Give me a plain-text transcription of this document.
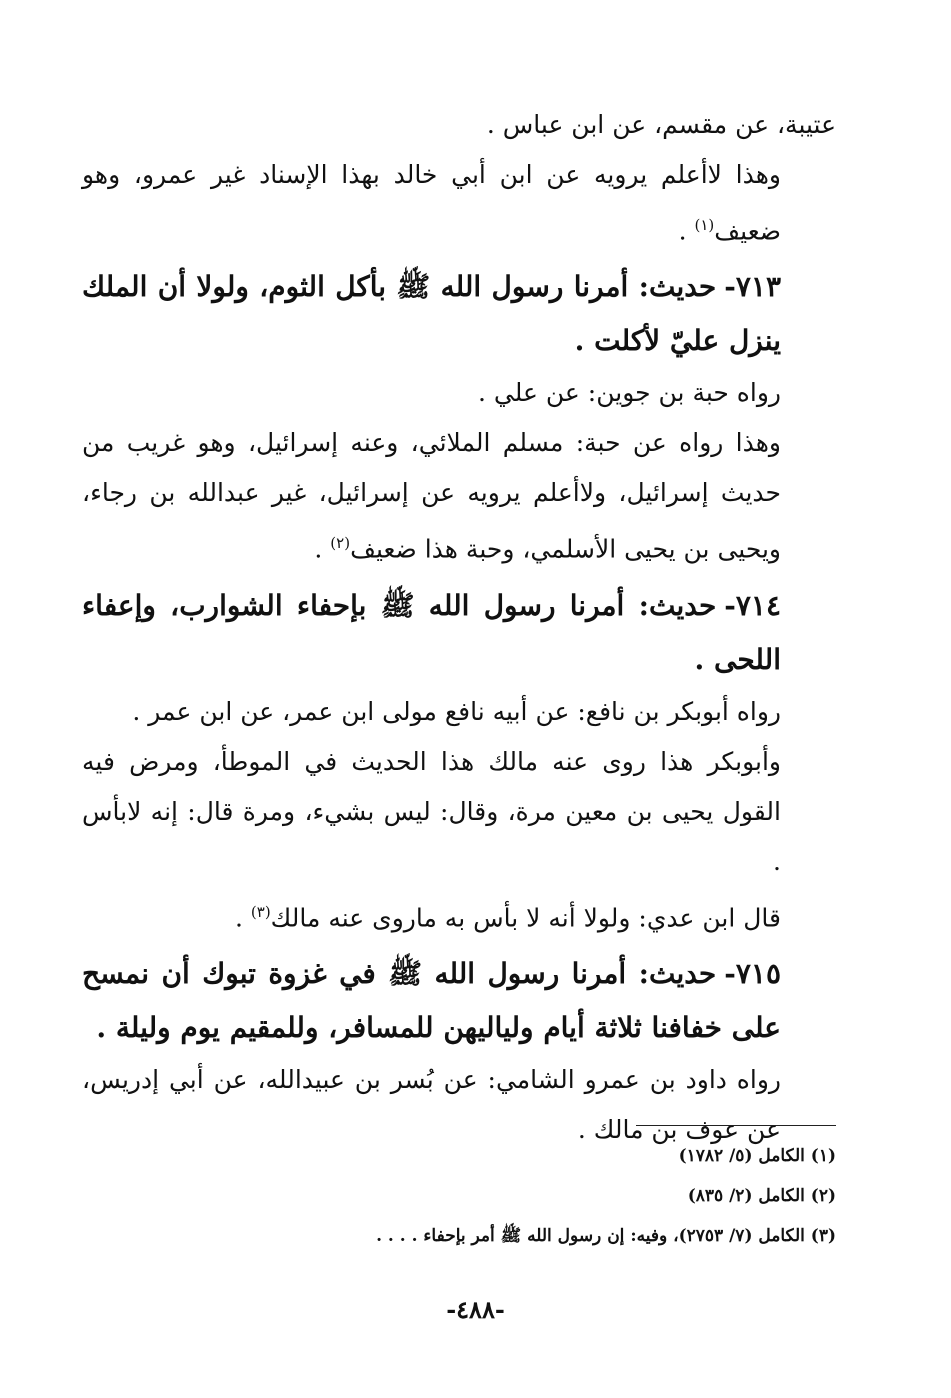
عتيبة، عن مقسم، عن ابن عباس .

وهذا لاأعلم يرويه عن ابن أبي خالد بهذا الإسناد غير عمرو، وهو ضعيف$^{(١)}$ .

٧١٣-حديث: أمرنا رسول الله ﷺ بأكل الثوم، ولولا أن الملك ينزل عليّ لأكلت .

رواه حبة بن جوين: عن علي .

وهذا رواه عن حبة: مسلم الملائي، وعنه إسرائيل، وهو غريب من حديث إسرائيل، ولاأعلم يرويه عن إسرائيل، غير عبدالله بن رجاء، ويحيى بن يحيى الأسلمي، وحبة هذا ضعيف$^{(٢)}$ .

٧١٤-حديث: أمرنا رسول الله ﷺ بإحفاء الشوارب، وإعفاء اللحى .

رواه أبوبكر بن نافع: عن أبيه نافع مولى ابن عمر، عن ابن عمر .

وأبوبكر هذا روى عنه مالك هذا الحديث في الموطأ، ومرض فيه القول يحيى بن معين مرة، وقال: ليس بشيء، ومرة قال: إنه لابأس .

قال ابن عدي: ولولا أنه لا بأس به ماروى عنه مالك$^{(٣)}$ .

٧١٥-حديث: أمرنا رسول الله ﷺ في غزوة تبوك أن نمسح على خفافنا ثلاثة أيام ولياليهن للمسافر، وللمقيم يوم وليلة .

رواه داود بن عمرو الشامي: عن بُسر بن عبيدالله، عن أبي إدريس، عن عوف بن مالك .

(١) الكامل (٥/ ١٧٨٢)

(٢) الكامل (٢/ ٨٣٥)

(٣) الكامل (٧/ ٢٧٥٣)، وفيه: إن رسول الله ﷺ أمر بإحفاء . . . .

-٤٨٨-
